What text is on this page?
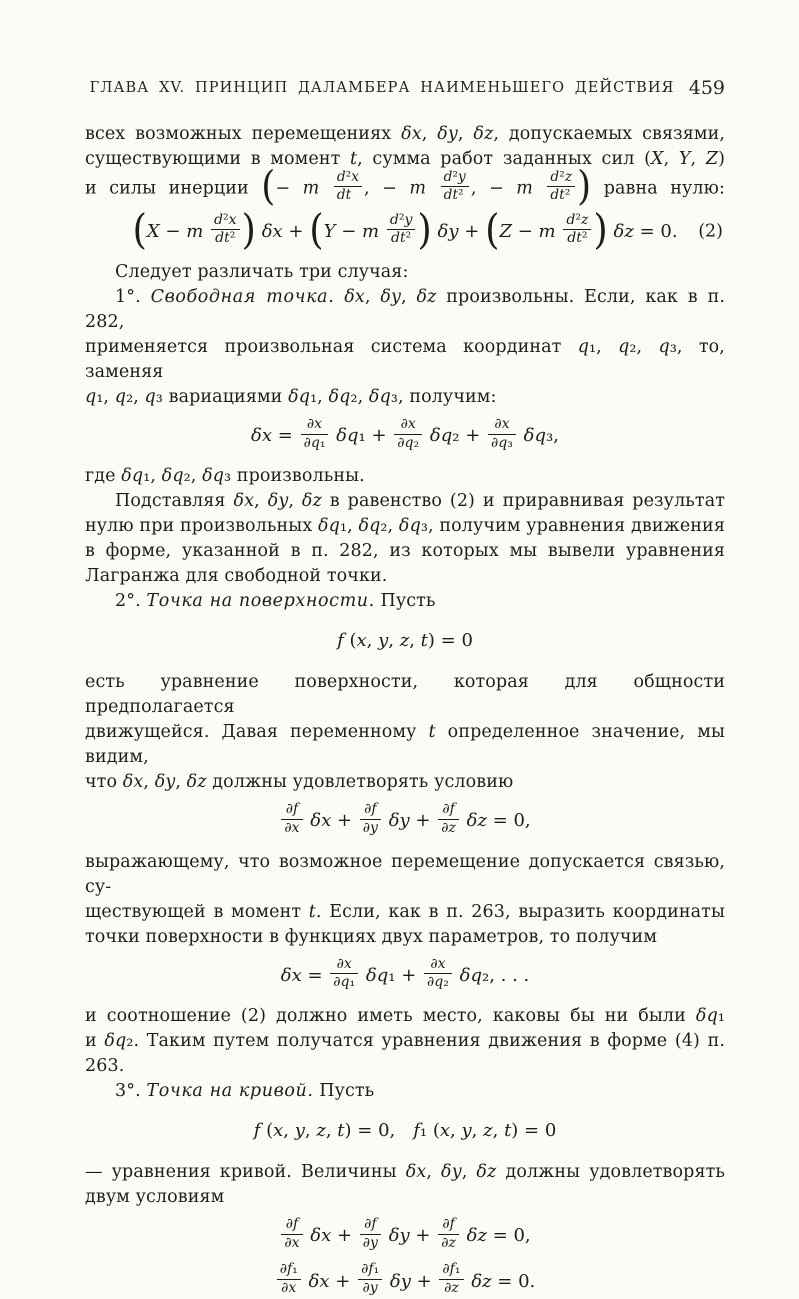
ГЛАВА XV. ПРИНЦИП ДАЛАМБЕРА НАИМЕНЬШЕГО ДЕЙСТВИЯ 459
всех возможных перемещениях δx, δy, δz, допускаемых связями,
существующими в момент t, сумма работ заданных сил (X, Y, Z)
и силы инерции (− m $\frac{\text{d²x}}{dt}$ , − m $\frac{\text{d²y}}{\text{dt²}}$ , − m $\frac{\text{d²z}}{\text{dt²}}$ ) равна нулю:
(X − m $\frac{\text{d²x}}{\text{dt²}}$ ) δx + (Y − m $\frac{\text{d²y}}{\text{dt²}}$ ) δy + (Z − m $\frac{\text{d²z}}{\text{dt²}}$ ) δz = 0. (2)
Следует различать три случая:
1°. Свободная точка. δx, δy, δz произвольны. Если, как в п. 282,
применяется произвольная система координат q₁, q₂, q₃, то, заменяя
q₁, q₂, q₃ вариациями δq₁, δq₂, δq₃, получим:
$\delta x = \frac{\partial x}{\text{∂q₁}} \delta q_1 + \frac{\partial x}{\text{∂q₂}} \delta q_2 + \frac{\partial x}{\text{∂q₃}} \delta q_3$,
где δq₁, δq₂, δq₃ произвольны.
Подставляя δx, δy, δz в равенство (2) и приравнивая результат
нулю при произвольных δq₁, δq₂, δq₃, получим уравнения движения
в форме, указанной в п. 282, из которых мы вывели уравнения
Лагранжа для свободной точки.
2°. Точка на поверхности. Пусть
f (x, y, z, t) = 0
есть уравнение поверхности, которая для общности предполагается
движущейся. Давая переменному t определенное значение, мы видим,
что δx, δy, δz должны удовлетворять условию
$\frac{\partial f}{\partial x}$ $\delta x + \frac{\partial f}{\partial y}$ $\delta y + \frac{\partial f}{\partial z}$ δz = 0,
выражающему, что возможное перемещение допускается связью, су-
ществующей в момент t. Если, как в п. 263, выразить координаты
точки поверхности в функциях двух параметров, то получим
$\delta x = \frac{\partial x}{\text{∂q₁}} \delta q_1 + \frac{\partial x}{\text{∂q₂}} \delta q_2$, . . .
и соотношение (2) должно иметь место, каковы бы ни были δq₁
и δq₂. Таким путем получатся уравнения движения в форме (4) п. 263.
3°. Точка на кривой. Пусть
f (x, y, z, t) = 0, f₁ (x, y, z, t) = 0
— уравнения кривой. Величины δx, δy, δz должны удовлетворять
двум условиям
$\frac{\partial f}{\partial x}$ $\delta x + \frac{\partial f}{\partial y}$ $\delta y + \frac{\partial f}{\partial z}$ δz = 0,
$\frac{\text{∂f₁}}{\partial x}$ $\delta x + \frac{\text{∂f₁}}{\partial y}$ $\delta y + \frac{\text{∂f₁}}{\partial z}$ δz = 0.
